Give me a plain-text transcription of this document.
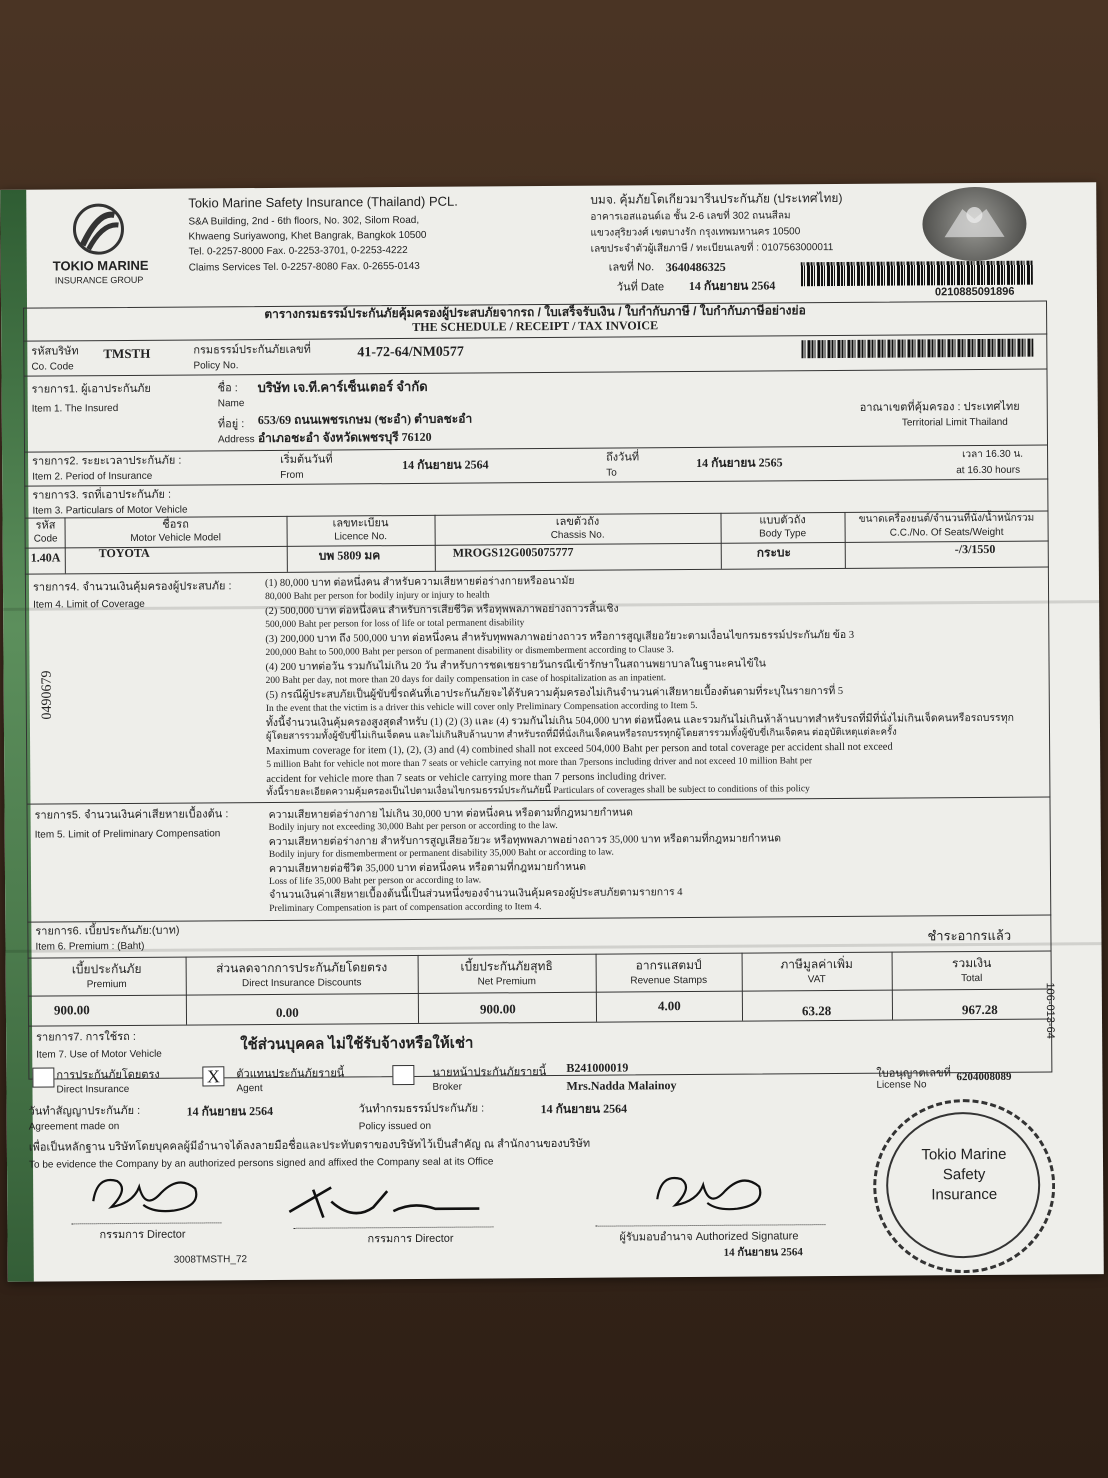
TOKIO MARINE
INSURANCE GROUP
Tokio Marine Safety Insurance (Thailand) PCL.
S&A Building, 2nd - 6th floors, No. 302, Silom Road,
Khwaeng Suriyawong, Khet Bangrak, Bangkok 10500
Tel. 0-2257-8000 Fax. 0-2253-3701, 0-2253-4222
Claims Services Tel. 0-2257-8080 Fax. 0-2655-0143
บมจ. คุ้มภัยโตเกียวมารีนประกันภัย (ประเทศไทย)
อาคารเอสแอนด์เอ ชั้น 2-6 เลขที่ 302 ถนนสีลม
แขวงสุริยวงศ์ เขตบางรัก กรุงเทพมหานคร 10500
เลขประจำตัวผู้เสียภาษี / ทะเบียนเลขที่ : 0107563000011
เลขที่ No. 3640486325
วันที่ Date 14 กันยายน 2564	0210885091896
ตารางกรมธรรม์ประกันภัยคุ้มครองผู้ประสบภัยจากรถ / ใบเสร็จรับเงิน / ใบกำกับภาษี / ใบกำกับภาษีอย่างย่อ
THE SCHEDULE / RECEIPT / TAX INVOICE
รหัสบริษัท
Co. Code
TMSTH	กรมธรรม์ประกันภัยเลขที่
Policy No.
41-72-64/NM0577
รายการ1. ผู้เอาประกันภัย
Item 1. The Insured
ชื่อ :
Name
บริษัท เจ.ที.คาร์เซ็นเตอร์ จำกัด
ที่อยู่ :
Address
653/69 ถนนเพชรเกษม (ชะอำ) ตำบลชะอำ
อำเภอชะอำ จังหวัดเพชรบุรี 76120
อาณาเขตที่คุ้มครอง : ประเทศไทย
Territorial Limit Thailand
รายการ2. ระยะเวลาประกันภัย :
Item 2. Period of Insurance
เริ่มต้นวันที่
From
14 กันยายน 2564	ถึงวันที่
To
14 กันยายน 2565
เวลา 16.30 น.
at 16.30 hours
รายการ3. รถที่เอาประกันภัย :
Item 3. Particulars of Motor Vehicle
รหัส
Code
ชื่อรถ
Motor Vehicle Model
เลขทะเบียน
Licence No.
เลขตัวถัง
Chassis No.
แบบตัวถัง
Body Type
ขนาดเครื่องยนต์/จำนวนที่นั่ง/น้ำหนักรวม
C.C./No. Of Seats/Weight
1.40A	TOYOTA	บพ 5809 มค	MROGS12G005075777	กระบะ	-/3/1550
รายการ4. จำนวนเงินคุ้มครองผู้ประสบภัย :
Item 4. Limit of Coverage
0490679
(1) 80,000 บาท ต่อหนึ่งคน สำหรับความเสียหายต่อร่างกายหรืออนามัย
80,000 Baht per person for bodily injury or injury to health
(2) 500,000 บาท ต่อหนึ่งคน สำหรับการเสียชีวิต หรือทุพพลภาพอย่างถาวรสิ้นเชิง
500,000 Baht per person for loss of life or total permanent disability
(3) 200,000 บาท ถึง 500,000 บาท ต่อหนึ่งคน สำหรับทุพพลภาพอย่างถาวร หรือการสูญเสียอวัยวะตามเงื่อนไขกรมธรรม์ประกันภัย ข้อ 3
200,000 Baht to 500,000 Baht per person of permanent disability or dismemberment according to Clause 3.
(4) 200 บาทต่อวัน รวมกันไม่เกิน 20 วัน สำหรับการชดเชยรายวันกรณีเข้ารักษาในสถานพยาบาลในฐานะคนไข้ใน
200 Baht per day, not more than 20 days for daily compensation in case of hospitalization as an inpatient.
(5) กรณีผู้ประสบภัยเป็นผู้ขับขี่รถคันที่เอาประกันภัยจะได้รับความคุ้มครองไม่เกินจำนวนค่าเสียหายเบื้องต้นตามที่ระบุในรายการที่ 5
In the event that the victim is a driver this vehicle will cover only Preliminary Compensation according to Item 5.
ทั้งนี้จำนวนเงินคุ้มครองสูงสุดสำหรับ (1) (2) (3) และ (4) รวมกันไม่เกิน 504,000 บาท ต่อหนึ่งคน และรวมกันไม่เกินห้าล้านบาทสำหรับรถที่มีที่นั่งไม่เกินเจ็ดคนหรือรถบรรทุก
ผู้โดยสารรวมทั้งผู้ขับขี่ไม่เกินเจ็ดคน และไม่เกินสิบล้านบาท สำหรับรถที่มีที่นั่งเกินเจ็ดคนหรือรถบรรทุกผู้โดยสารรวมทั้งผู้ขับขี่เกินเจ็ดคน ต่ออุบัติเหตุแต่ละครั้ง
Maximum coverage for item (1), (2), (3) and (4) combined shall not exceed 504,000 Baht per person and total coverage per accident shall not exceed
5 million Baht for vehicle not more than 7 seats or vehicle carrying not more than 7persons including driver and not exceed 10 million Baht per
accident for vehicle more than 7 seats or vehicle carrying more than 7 persons including driver.
ทั้งนี้รายละเอียดความคุ้มครองเป็นไปตามเงื่อนไขกรมธรรม์ประกันภัยนี้ Particulars of coverages shall be subject to conditions of this policy
รายการ5. จำนวนเงินค่าเสียหายเบื้องต้น :
Item 5. Limit of Preliminary Compensation
ความเสียหายต่อร่างกาย ไม่เกิน 30,000 บาท ต่อหนึ่งคน หรือตามที่กฎหมายกำหนด
Bodily injury not exceeding 30,000 Baht per person or according to the law.
ความเสียหายต่อร่างกาย สำหรับการสูญเสียอวัยวะ หรือทุพพลภาพอย่างถาวร 35,000 บาท หรือตามที่กฎหมายกำหนด
Bodily injury for dismemberment or permanent disability 35,000 Baht or according to law.
ความเสียหายต่อชีวิต 35,000 บาท ต่อหนึ่งคน หรือตามที่กฎหมายกำหนด
Loss of life 35,000 Baht per person or according to law.
จำนวนเงินค่าเสียหายเบื้องต้นนี้เป็นส่วนหนึ่งของจำนวนเงินคุ้มครองผู้ประสบภัยตามรายการ 4
Preliminary Compensation is part of compensation according to Item 4.
รายการ6. เบี้ยประกันภัย:(บาท)
Item 6. Premium : (Baht)
ชำระอากรแล้ว
เบี้ยประกันภัย
Premium
ส่วนลดจากการประกันภัยโดยตรง
Direct Insurance Discounts
เบี้ยประกันภัยสุทธิ
Net Premium
อากรแสตมป์
Revenue Stamps
ภาษีมูลค่าเพิ่ม
VAT
รวมเงิน
Total
900.00	0.00	900.00	4.00	63.28	967.28	106-013-64
รายการ7. การใช้รถ :
Item 7. Use of Motor Vehicle
ใช้ส่วนบุคคล ไม่ใช้รับจ้างหรือให้เช่า
การประกันภัยโดยตรง
Direct Insurance
X	ตัวแทนประกันภัยรายนี้
Agent
นายหน้าประกันภัยรายนี้
Broker
B241000019
Mrs.Nadda Malainoy
ใบอนุญาตเลขที่
License No
6204008089
วันทำสัญญาประกันภัย :
Agreement made on
14 กันยายน 2564	วันทำกรมธรรม์ประกันภัย :
Policy issued on
14 กันยายน 2564
เพื่อเป็นหลักฐาน บริษัทโดยบุคคลผู้มีอำนาจได้ลงลายมือชื่อและประทับตราของบริษัทไว้เป็นสำคัญ ณ สำนักงานของบริษัท
To be evidence the Company by an authorized persons signed and affixed the Company seal at its Office
กรรมการ Director
3008TMSTH_72
กรรมการ Director	ผู้รับมอบอำนาจ Authorized Signature
14 กันยายน 2564
Tokio Marine
Safety
Insurance
